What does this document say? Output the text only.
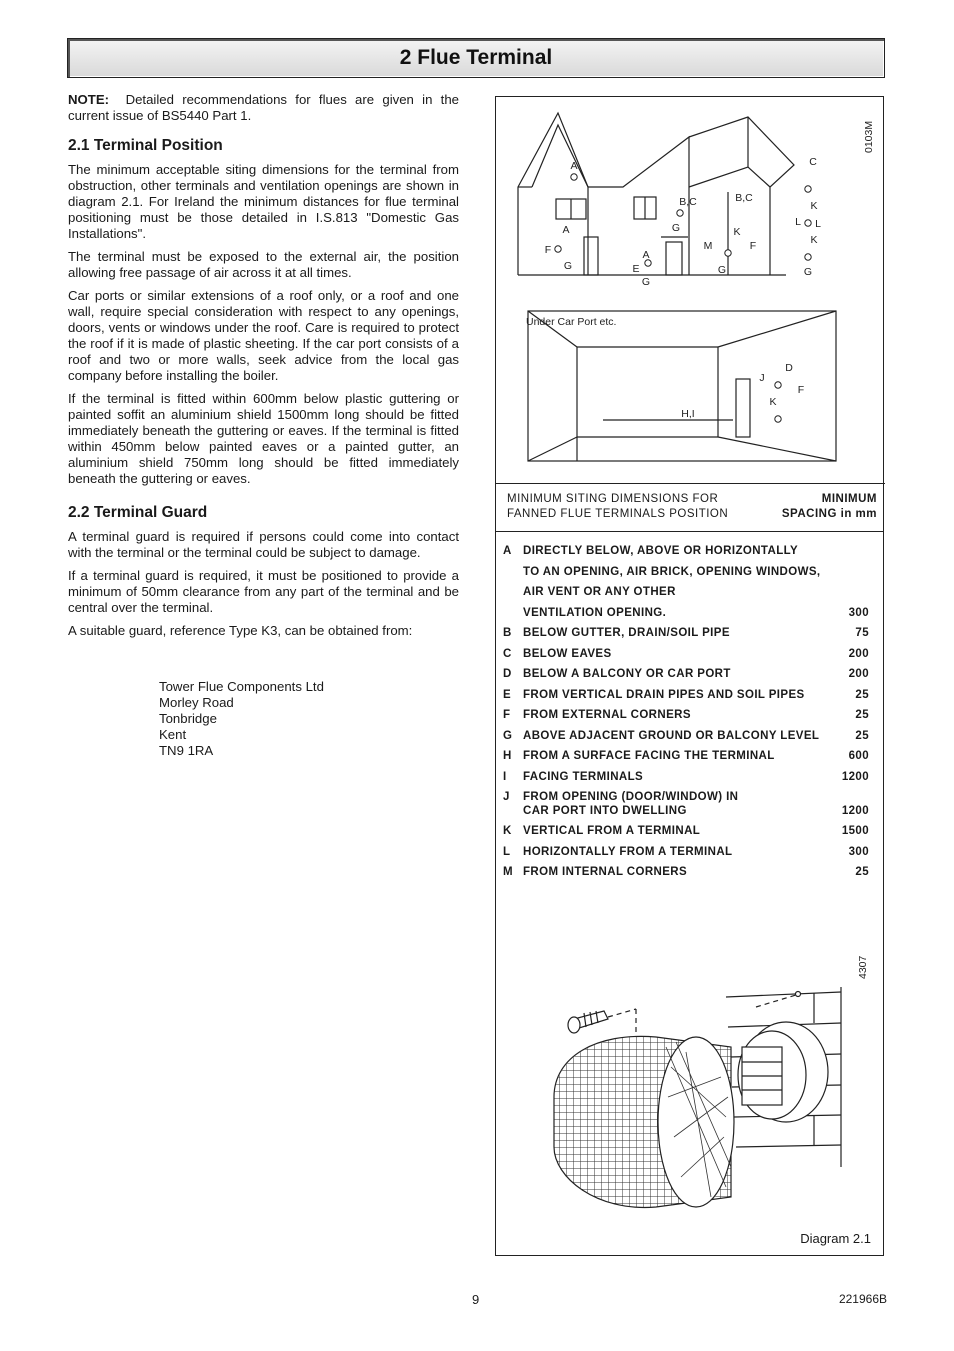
2 Flue Terminal

NOTE: Detailed recommendations for flues are given in the current issue of BS5440 Part 1.

2.1 Terminal Position

The minimum acceptable siting dimensions for the terminal from obstruction, other terminals and ventilation openings are shown in diagram 2.1. For Ireland the minimum distances for flue terminal positioning must be those detailed in I.S.813 "Domestic Gas Installations".

The terminal must be exposed to the external air, the position allowing free passage of air across it at all times.

Car ports or similar extensions of a roof only, or a roof and one wall, require special consideration with respect to any openings, doors, vents or windows under the roof. Care is required to protect the roof if it is made of plastic sheeting. If the car port consists of a roof and two or more walls, seek advice from the local gas company before installing the boiler.

If the terminal is fitted within 600mm below plastic guttering or painted soffit an aluminium shield 1500mm long should be fitted immediately beneath the guttering or eaves. If the terminal is fitted within 450mm below painted eaves or a painted gutter, an aluminium shield 750mm long should be fitted immediately beneath the guttering or eaves.

2.2 Terminal Guard

A terminal guard is required if persons could come into contact with the terminal or the terminal could be subject to damage.

If a terminal guard is required, it must be positioned to provide a minimum of 50mm clearance from any part of the terminal and be central over the terminal.

A suitable guard, reference Type K3, can be obtained from:

Tower Flue Components Ltd
Morley Road
Tonbridge
Kent
TN9 1RA
A
A
F
G
A
E
G
B,C
G
M
B,C
K
F
G
C
K
L L
K
G
D
J
F
K
H,I
Under Car Port etc.
0103M
MINIMUM SITING DIMENSIONS FOR
FANNED FLUE TERMINALS POSITION
MINIMUM
SPACING in mm
A DIRECTLY BELOW, ABOVE OR HORIZONTALLY
TO AN OPENING, AIR BRICK, OPENING WINDOWS,
AIR VENT OR ANY OTHER
VENTILATION OPENING.	300
B BELOW GUTTER, DRAIN/SOIL PIPE	75
C BELOW EAVES	200
D BELOW A BALCONY OR CAR PORT	200
E FROM VERTICAL DRAIN PIPES AND SOIL PIPES	25
F FROM EXTERNAL CORNERS	25
G ABOVE ADJACENT GROUND OR BALCONY LEVEL	25
H FROM A SURFACE FACING THE TERMINAL	600
I FACING TERMINALS	1200
J FROM OPENING (DOOR/WINDOW) IN
CAR PORT INTO DWELLING	1200
K VERTICAL FROM A TERMINAL	1500
L HORIZONTALLY FROM A TERMINAL	300
M FROM INTERNAL CORNERS	25
4307
Diagram 2.1
9	221966B
